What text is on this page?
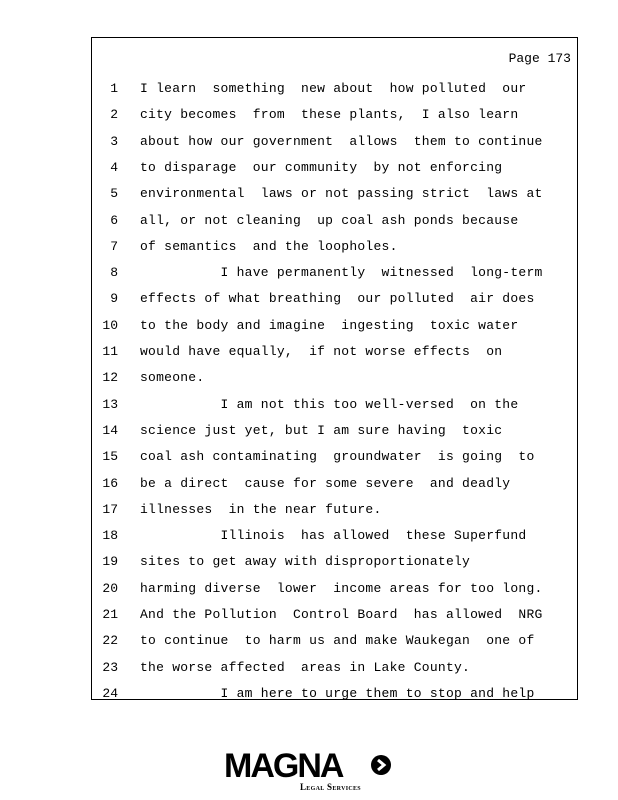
Page 173
1 I learn  something  new about  how polluted  our
2 city becomes  from  these plants,  I also learn
3 about how our government  allows  them to continue
4 to disparage  our community  by not enforcing
5 environmental  laws or not passing strict  laws at
6 all, or not cleaning  up coal ash ponds because
7 of semantics  and the loopholes.
8 I have permanently  witnessed  long-term
9 effects of what breathing  our polluted  air does
10 to the body and imagine  ingesting  toxic water
11 would have equally,  if not worse effects  on
12 someone.
13 I am not this too well-versed  on the
14 science just yet, but I am sure having  toxic
15 coal ash contaminating  groundwater  is going  to
16 be a direct  cause for some severe  and deadly
17 illnesses  in the near future.
18 Illinois  has allowed  these Superfund
19 sites to get away with disproportionately
20 harming diverse  lower  income areas for too long.
21 And the Pollution  Control Board  has allowed  NRG
22 to continue  to harm us and make Waukegan  one of
23 the worse affected  areas in Lake County.
24 I am here to urge them to stop and help
MAGNA
Legal Services
